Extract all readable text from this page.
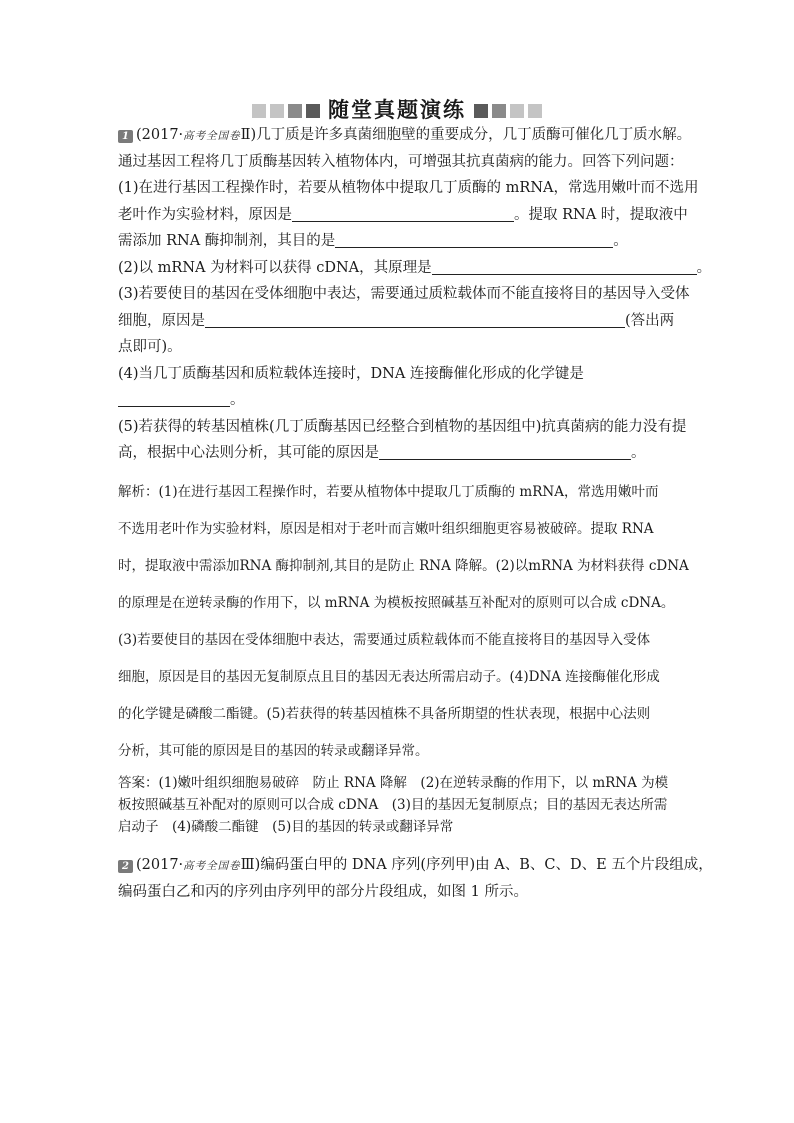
随堂真题演练
1 (2017·高考全国卷Ⅱ)几丁质是许多真菌细胞壁的重要成分，几丁质酶可催化几丁质水解。
通过基因工程将几丁质酶基因转入植物体内，可增强其抗真菌病的能力。回答下列问题：
(1)在进行基因工程操作时，若要从植物体中提取几丁质酶的 mRNA，常选用嫩叶而不选用
老叶作为实验材料，原因是	。提取 RNA 时，提取液中
需添加 RNA 酶抑制剂，其目的是	。
(2)以 mRNA 为材料可以获得 cDNA，其原理是	。
(3)若要使目的基因在受体细胞中表达，需要通过质粒载体而不能直接将目的基因导入受体
细胞，原因是	(答出两
点即可)。
(4)当几丁质酶基因和质粒载体连接时，DNA 连接酶催化形成的化学键是
。
(5)若获得的转基因植株(几丁质酶基因已经整合到植物的基因组中)抗真菌病的能力没有提
高，根据中心法则分析，其可能的原因是	。
解析：(1)在进行基因工程操作时，若要从植物体中提取几丁质酶的 mRNA，常选用嫩叶而
不选用老叶作为实验材料，原因是相对于老叶而言嫩叶组织细胞更容易被破碎。提取 RNA
时，提取液中需添加RNA 酶抑制剂,其目的是防止 RNA 降解。(2)以mRNA 为材料获得 cDNA
的原理是在逆转录酶的作用下，以 mRNA 为模板按照碱基互补配对的原则可以合成 cDNA。
(3)若要使目的基因在受体细胞中表达，需要通过质粒载体而不能直接将目的基因导入受体
细胞，原因是目的基因无复制原点且目的基因无表达所需启动子。(4)DNA 连接酶催化形成
的化学键是磷酸二酯键。(5)若获得的转基因植株不具备所期望的性状表现，根据中心法则
分析，其可能的原因是目的基因的转录或翻译异常。
答案：(1)嫩叶组织细胞易破碎　防止 RNA 降解　(2)在逆转录酶的作用下，以 mRNA 为模
板按照碱基互补配对的原则可以合成 cDNA　(3)目的基因无复制原点；目的基因无表达所需
启动子　(4)磷酸二酯键　(5)目的基因的转录或翻译异常
2 (2017·高考全国卷Ⅲ)编码蛋白甲的 DNA 序列(序列甲)由 A、B、C、D、E 五个片段组成，
编码蛋白乙和丙的序列由序列甲的部分片段组成，如图 1 所示。
